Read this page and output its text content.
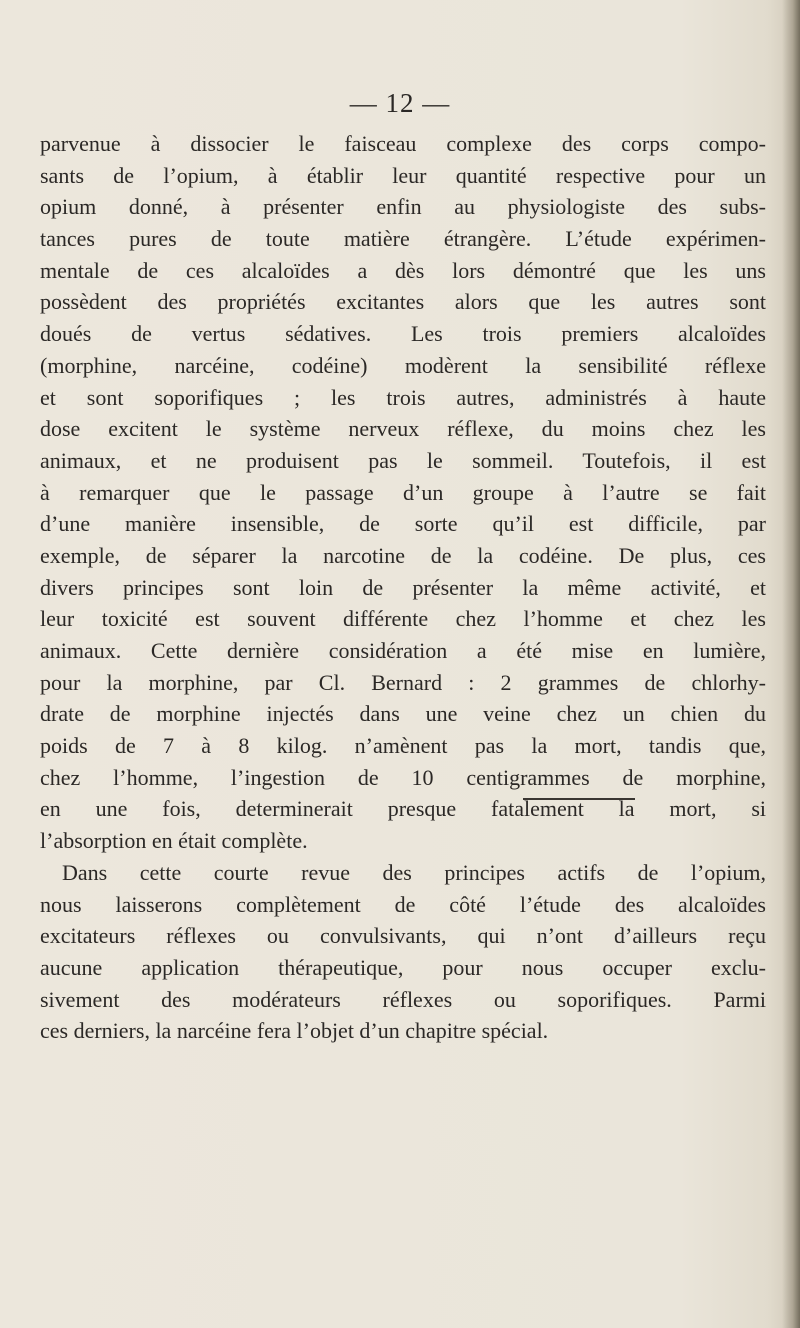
— 12 —

parvenue à dissocier le faisceau complexe des corps compo-
sants de l’opium, à établir leur quantité respective pour un
opium donné, à présenter enfin au physiologiste des subs-
tances pures de toute matière étrangère. L’étude expérimen-
mentale de ces alcaloïdes a dès lors démontré que les uns
possèdent des propriétés excitantes alors que les autres sont
doués de vertus sédatives. Les trois premiers alcaloïdes
(morphine, narcéine, codéine) modèrent la sensibilité réflexe
et sont soporifiques ; les trois autres, administrés à haute
dose excitent le système nerveux réflexe, du moins chez les
animaux, et ne produisent pas le sommeil. Toutefois, il est
à remarquer que le passage d’un groupe à l’autre se fait
d’une manière insensible, de sorte qu’il est difficile, par
exemple, de séparer la narcotine de la codéine. De plus, ces
divers principes sont loin de présenter la même activité, et
leur toxicité est souvent différente chez l’homme et chez les
animaux. Cette dernière considération a été mise en lumière,
pour la morphine, par Cl. Bernard : 2 grammes de chlorhy-
drate de morphine injectés dans une veine chez un chien du
poids de 7 à 8 kilog. n’amènent pas la mort, tandis que,
chez l’homme, l’ingestion de 10 centigrammes de morphine,
en une fois, determinerait presque fatalement la mort, si
l’absorption en était complète.
Dans cette courte revue des principes actifs de l’opium,
nous laisserons complètement de côté l’étude des alcaloïdes
excitateurs réflexes ou convulsivants, qui n’ont d’ailleurs reçu
aucune application thérapeutique, pour nous occuper exclu-
sivement des modérateurs réflexes ou soporifiques. Parmi
ces derniers, la narcéine fera l’objet d’un chapitre spécial.
